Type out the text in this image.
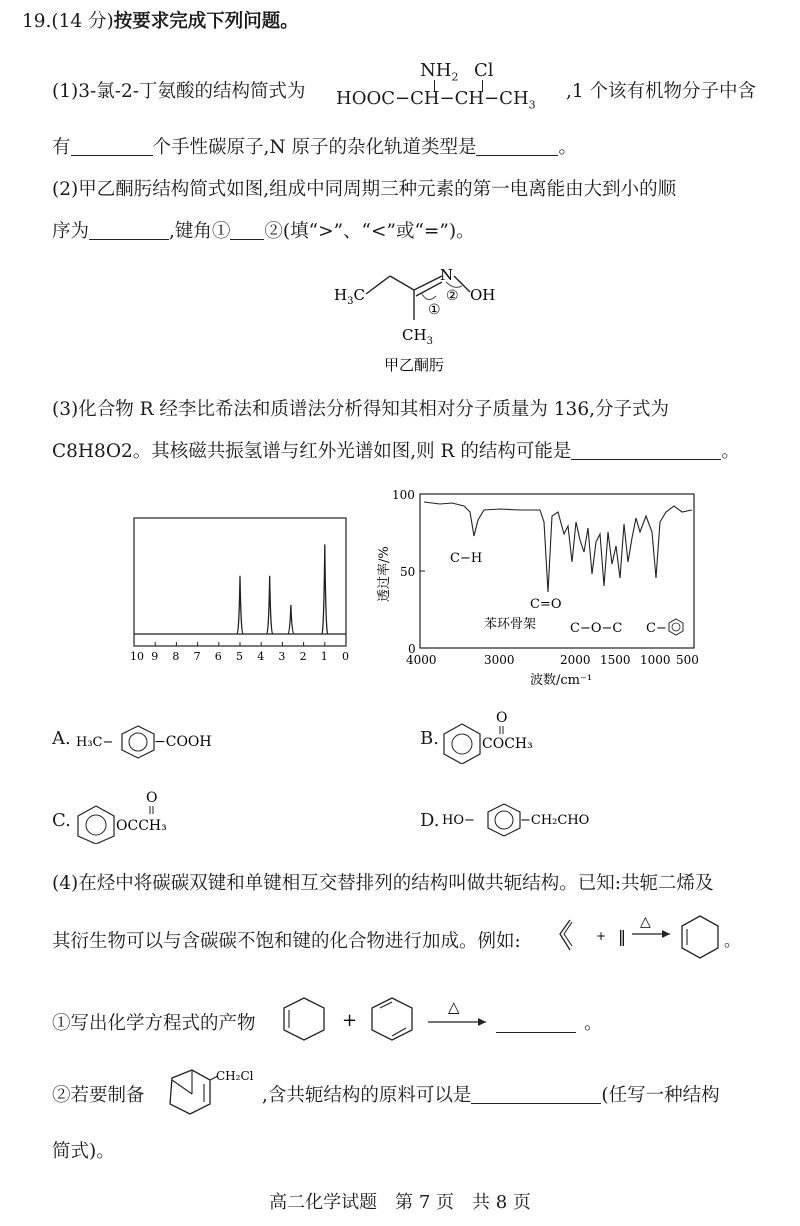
19.(14 分)按要求完成下列问题。
(1)3-氯-2-丁氨酸的结构简式为
$NH_2$ Cl
$HOOC-CH-CH-CH_3$
,1 个该有机物分子中含
有	个手性碳原子,N 原子的杂化轨道类型是	。
(2)甲乙酮肟结构简式如图,组成中同周期三种元素的第一电离能由大到小的顺
序为	,键角① ②(填“>”、“<”或“=”)。
$H_3C$
N
OH
①
②
$CH_3$
甲乙酮肟
(3)化合物 R 经李比希法和质谱法分析得知其相对分子质量为 136,分子式为
C8H8O2。其核磁共振氢谱与红外光谱如图,则 R 的结构可能是	。
10 9 8 7 6 5 4 3 2 1 0
0
50
100
4000	3000	2000 1500 1000 500
透过率/%
波数/cm⁻¹
C−H
C=O
苯环骨架	C−O−C C−
A. H₃C−	−COOH	B.
O
COCH₃
C.
O
OCCH₃	D. HO−	−CH₂CHO
(4)在烃中将碳碳双键和单键相互交替排列的结构叫做共轭结构。已知:共轭二烯及
其衍生物可以与含碳碳不饱和键的化合物进行加成。例如:	+ ‖
△
。
①写出化学方程式的产物	+
△
。
②若要制备
CH₂Cl
,含共轭结构的原料可以是	(任写一种结构
简式)。
高二化学试题　第 7 页　共 8 页
